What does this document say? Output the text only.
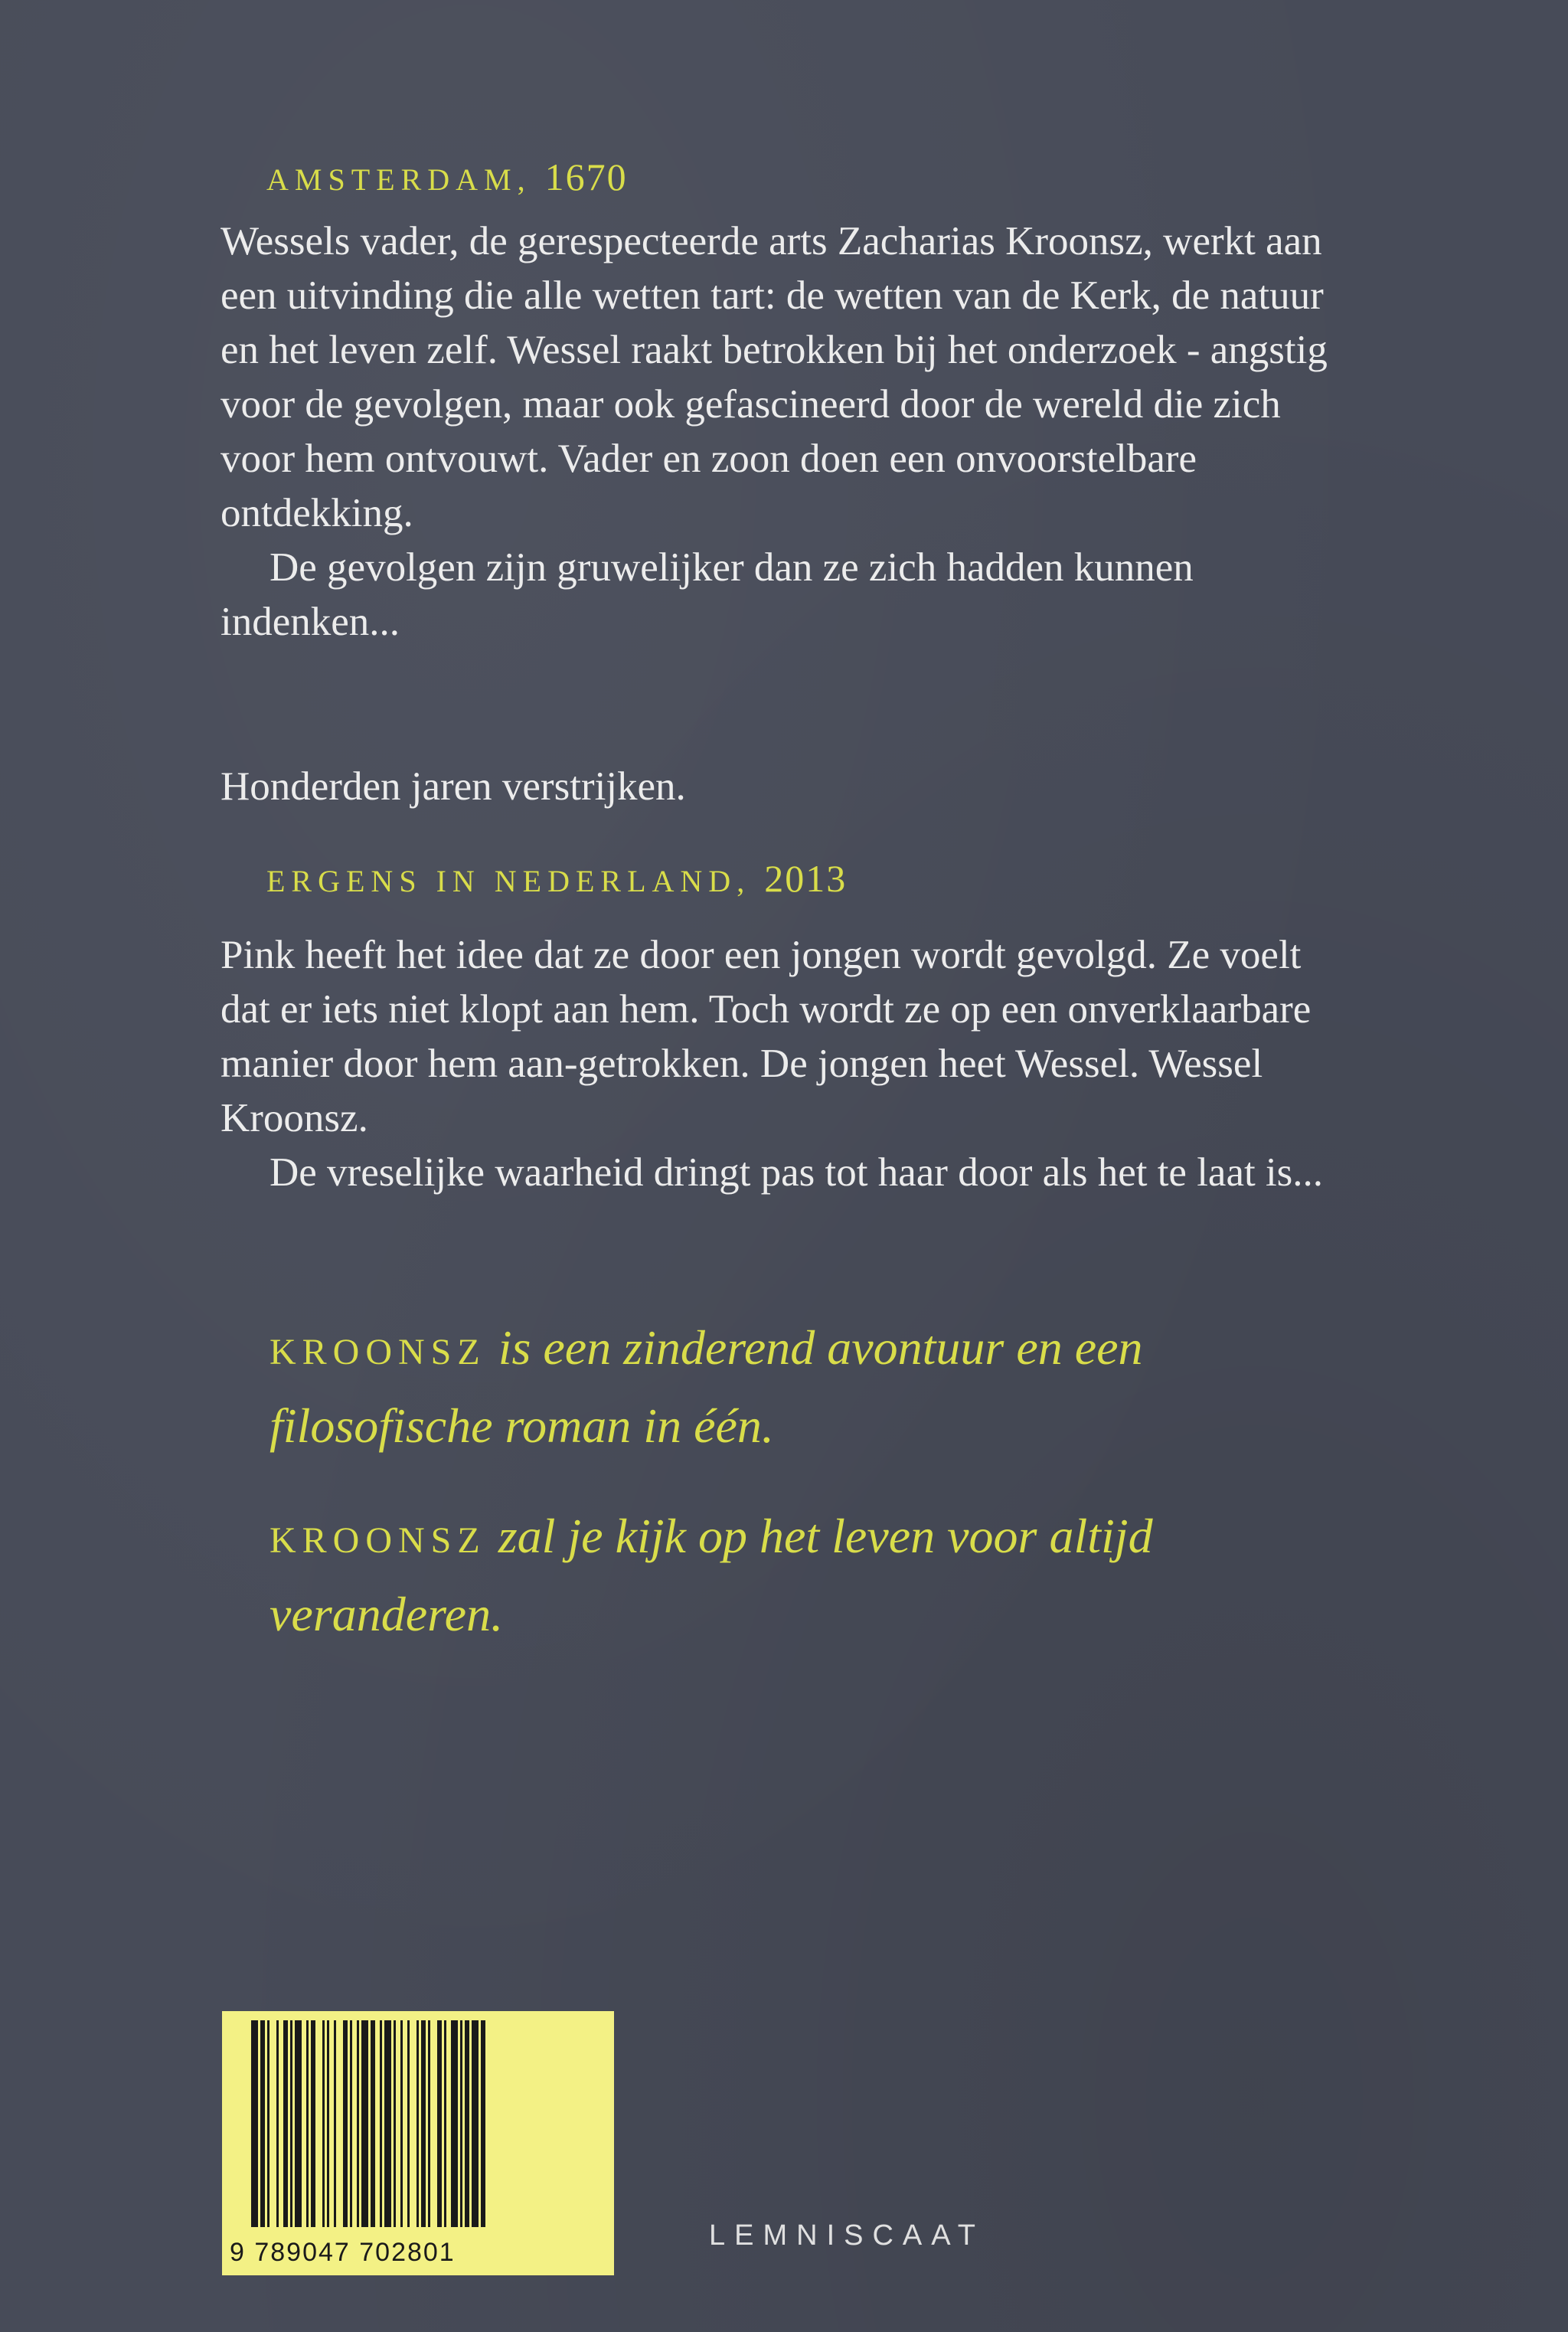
AMSTERDAM, 1670

Wessels vader, de gerespecteerde arts Zacharias Kroonsz, werkt aan een uitvinding die alle wetten tart: de wetten van de Kerk, de natuur en het leven zelf. Wessel raakt betrokken bij het onderzoek - angstig voor de gevolgen, maar ook gefascineerd door de wereld die zich voor hem ontvouwt. Vader en zoon doen een onvoorstelbare ontdekking.

De gevolgen zijn gruwelijker dan ze zich hadden kunnen indenken...

Honderden jaren verstrijken.

ERGENS IN NEDERLAND, 2013

Pink heeft het idee dat ze door een jongen wordt gevolgd. Ze voelt dat er iets niet klopt aan hem. Toch wordt ze op een onverklaarbare manier door hem aan-getrokken. De jongen heet Wessel. Wessel Kroonsz.

De vreselijke waarheid dringt pas tot haar door als het te laat is...

KROONSZ is een zinderend avontuur en een filosofische roman in één.
KROONSZ zal je kijk op het leven voor altijd veranderen.
9 789047 702801
LEMNISCAAT
